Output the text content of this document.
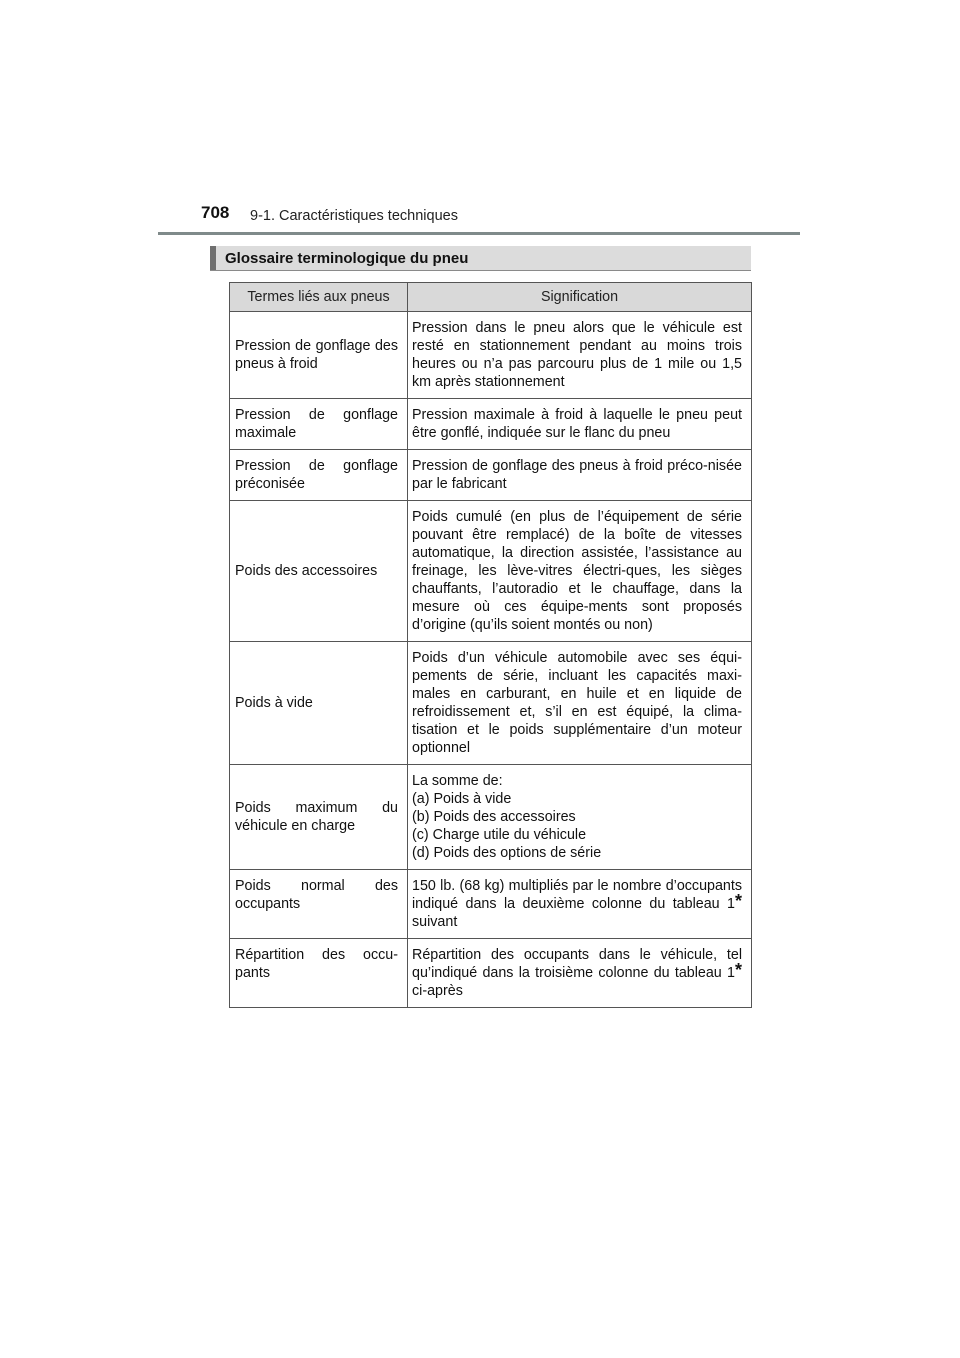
708 9-1. Caractéristiques techniques
Glossaire terminologique du pneu
Termes liés aux pneus	Signification
Pression de gonflage des pneus à froid	Pression dans le pneu alors que le véhicule est resté en stationnement pendant au moins trois heures ou n’a pas parcouru plus de 1 mile ou 1,5 km après stationnement
Pression de gonflage maximale	Pression maximale à froid à laquelle le pneu peut être gonflé, indiquée sur le flanc du pneu
Pression de gonflage préconisée	Pression de gonflage des pneus à froid préco-nisée par le fabricant
Poids des accessoires	Poids cumulé (en plus de l’équipement de série pouvant être remplacé) de la boîte de vitesses automatique, la direction assistée, l’assistance au freinage, les lève-vitres électri-ques, les sièges chauffants, l’autoradio et le chauffage, dans la mesure où ces équipe-ments sont proposés d’origine (qu’ils soient montés ou non)
Poids à vide	Poids d’un véhicule automobile avec ses équi-pements de série, incluant les capacités maxi-males en carburant, en huile et en liquide de refroidissement et, s’il en est équipé, la clima-tisation et le poids supplémentaire d’un moteur optionnel
Poids maximum du véhicule en charge	La somme de:
(a) Poids à vide
(b) Poids des accessoires
(c) Charge utile du véhicule
(d) Poids des options de série

Poids normal des occupants	150 lb. (68 kg) multipliés par le nombre d’occupants indiqué dans la deuxième colonne du tableau 1* suivant
Répartition des occu-pants	Répartition des occupants dans le véhicule, tel qu’indiqué dans la troisième colonne du tableau 1* ci-après
